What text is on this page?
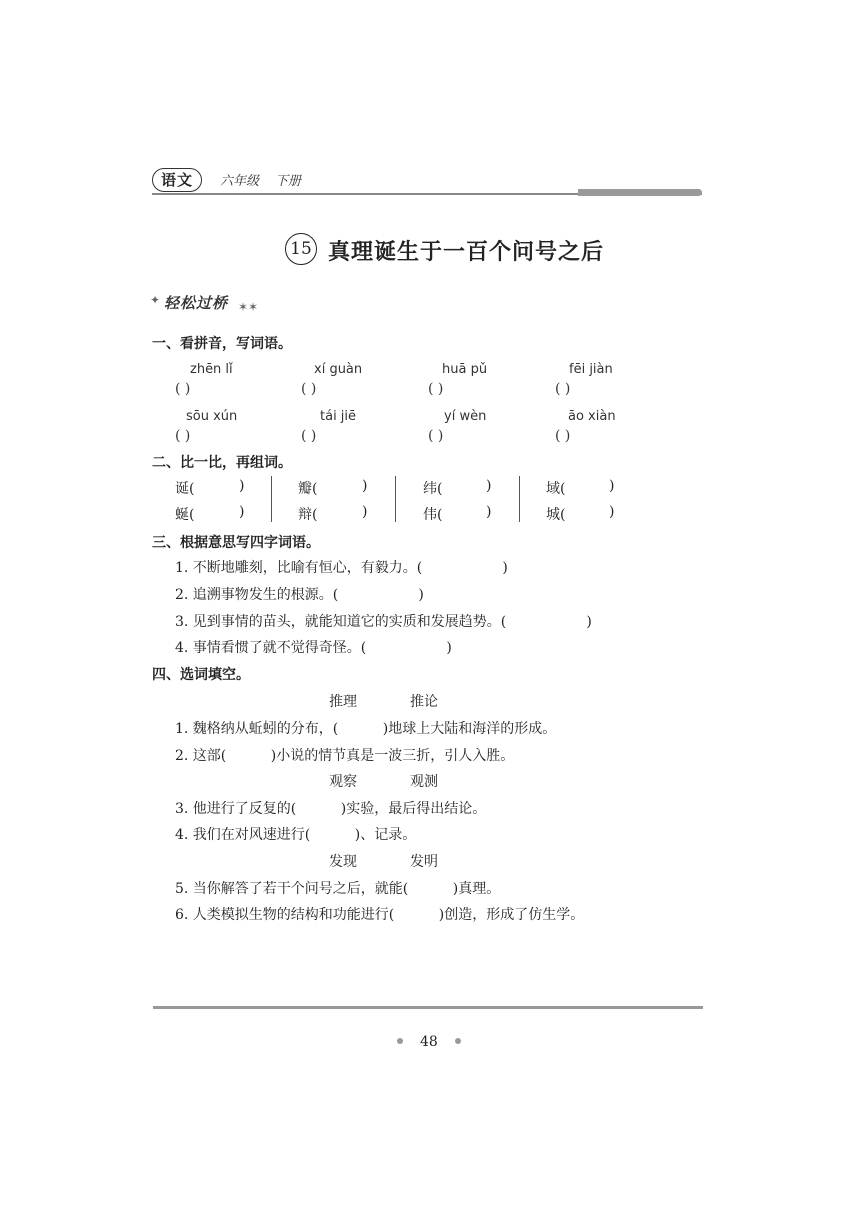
语文	六年级 下册
15 真理诞生于一百个问号之后
✦ 轻松过桥 ✶✶
一、看拼音，写词语。
zhēn lǐ	xí guàn	huā pǔ	fēi jiàn
( )	( )	( )	( )
sōu xún	tái jiē	yí wèn	āo xiàn
( )	( )	( )	( )
二、比一比，再组词。
诞(	)	瓣(	)	纬(	)	域(	)
蜒(	)	辩(	)	伟(	)	城(	)
三、根据意思写四字词语。
1. 不断地雕刻，比喻有恒心，有毅力。(                  )
2. 追溯事物发生的根源。(                  )
3. 见到事情的苗头，就能知道它的实质和发展趋势。(                  )
4. 事情看惯了就不觉得奇怪。(                  )
四、选词填空。
推理	推论
1. 魏格纳从蚯蚓的分布，(          )地球上大陆和海洋的形成。
2. 这部(          )小说的情节真是一波三折，引人入胜。
观察	观测
3. 他进行了反复的(          )实验，最后得出结论。
4. 我们在对风速进行(          )、记录。
发现	发明
5. 当你解答了若干个问号之后，就能(          )真理。
6. 人类模拟生物的结构和功能进行(          )创造，形成了仿生学。
48
